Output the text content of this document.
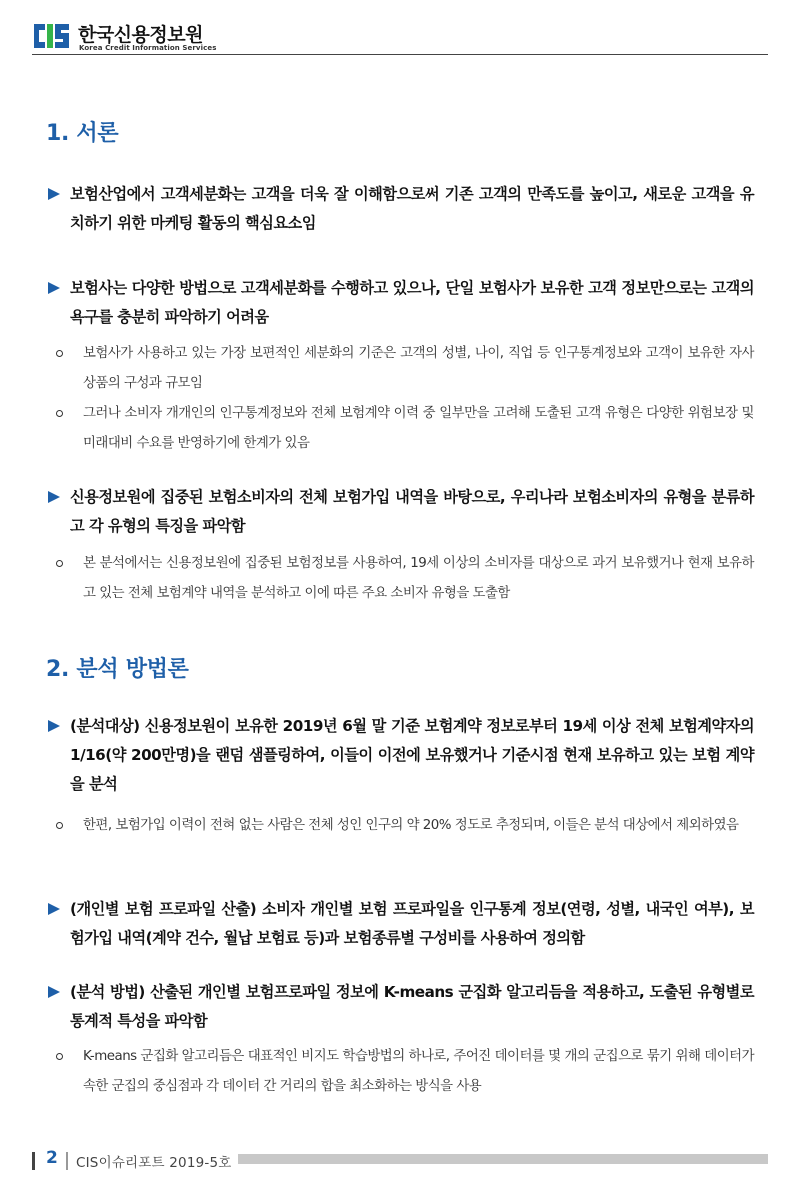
한국신용정보원
Korea Credit Information Services
1. 서론
보험산업에서 고객세분화는 고객을 더욱 잘 이해함으로써 기존 고객의 만족도를 높이고, 새로운 고객을 유치하기 위한 마케팅 활동의 핵심요소임
보험사는 다양한 방법으로 고객세분화를 수행하고 있으나, 단일 보험사가 보유한 고객 정보만으로는 고객의 욕구를 충분히 파악하기 어려움
보험사가 사용하고 있는 가장 보편적인 세분화의 기준은 고객의 성별, 나이, 직업 등 인구통계정보와 고객이 보유한 자사 상품의 구성과 규모임
그러나 소비자 개개인의 인구통계정보와 전체 보험계약 이력 중 일부만을 고려해 도출된 고객 유형은 다양한 위험보장 및 미래대비 수요를 반영하기에 한계가 있음
신용정보원에 집중된 보험소비자의 전체 보험가입 내역을 바탕으로, 우리나라 보험소비자의 유형을 분류하고 각 유형의 특징을 파악함
본 분석에서는 신용정보원에 집중된 보험정보를 사용하여, 19세 이상의 소비자를 대상으로 과거 보유했거나 현재 보유하고 있는 전체 보험계약 내역을 분석하고 이에 따른 주요 소비자 유형을 도출함
2. 분석 방법론
(분석대상) 신용정보원이 보유한 2019년 6월 말 기준 보험계약 정보로부터 19세 이상 전체 보험계약자의 1/16(약 200만명)을 랜덤 샘플링하여, 이들이 이전에 보유했거나 기준시점 현재 보유하고 있는 보험 계약을 분석
한편, 보험가입 이력이 전혀 없는 사람은 전체 성인 인구의 약 20% 정도로 추정되며, 이들은 분석 대상에서 제외하였음
(개인별 보험 프로파일 산출) 소비자 개인별 보험 프로파일을 인구통계 정보(연령, 성별, 내국인 여부), 보험가입 내역(계약 건수, 월납 보험료 등)과 보험종류별 구성비를 사용하여 정의함
(분석 방법) 산출된 개인별 보험프로파일 정보에 K-means 군집화 알고리듬을 적용하고, 도출된 유형별로 통계적 특성을 파악함
K-means 군집화 알고리듬은 대표적인 비지도 학습방법의 하나로, 주어진 데이터를 몇 개의 군집으로 묶기 위해 데이터가 속한 군집의 중심점과 각 데이터 간 거리의 합을 최소화하는 방식을 사용
2 CIS이슈리포트 2019-5호
